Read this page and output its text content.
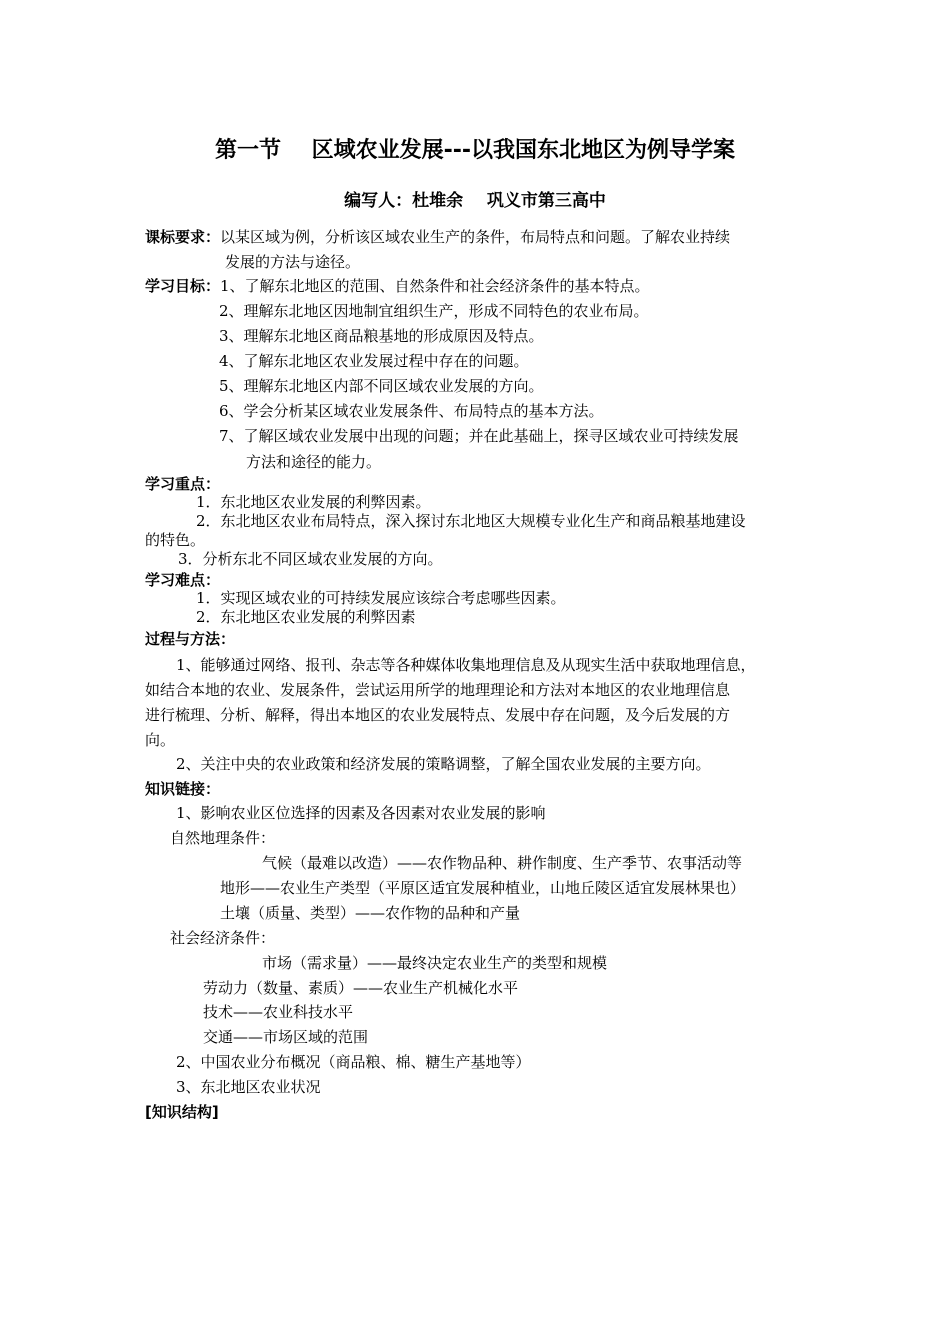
第一节    区域农业发展---以我国东北地区为例导学案
编写人：杜堆余    巩义市第三高中
课标要求：以某区域为例，分析该区域农业生产的条件，布局特点和问题。了解农业持续
发展的方法与途径。
学习目标：1、了解东北地区的范围、自然条件和社会经济条件的基本特点。
2、理解东北地区因地制宜组织生产，形成不同特色的农业布局。
3、理解东北地区商品粮基地的形成原因及特点。
4、了解东北地区农业发展过程中存在的问题。
5、理解东北地区内部不同区域农业发展的方向。
6、学会分析某区域农业发展条件、布局特点的基本方法。
7、了解区域农业发展中出现的问题；并在此基础上，探寻区域农业可持续发展
方法和途径的能力。
学习重点：
1．东北地区农业发展的利弊因素。
2．东北地区农业布局特点，深入探讨东北地区大规模专业化生产和商品粮基地建设
的特色。
3．分析东北不同区域农业发展的方向。
学习难点：
1．实现区域农业的可持续发展应该综合考虑哪些因素。
2．东北地区农业发展的利弊因素
过程与方法：
1、能够通过网络、报刊、杂志等各种媒体收集地理信息及从现实生活中获取地理信息，
如结合本地的农业、发展条件，尝试运用所学的地理理论和方法对本地区的农业地理信息
进行梳理、分析、解释，得出本地区的农业发展特点、发展中存在问题，及今后发展的方
向。
2、关注中央的农业政策和经济发展的策略调整，了解全国农业发展的主要方向。
知识链接：
1、影响农业区位选择的因素及各因素对农业发展的影响
自然地理条件：
气候（最难以改造）——农作物品种、耕作制度、生产季节、农事活动等
地形——农业生产类型（平原区适宜发展种植业，山地丘陵区适宜发展林果也）
土壤（质量、类型）——农作物的品种和产量
社会经济条件：
市场（需求量）——最终决定农业生产的类型和规模
劳动力（数量、素质）——农业生产机械化水平
技术——农业科技水平
交通——市场区域的范围
2、中国农业分布概况（商品粮、棉、糖生产基地等）
3、东北地区农业状况
[知识结构]
